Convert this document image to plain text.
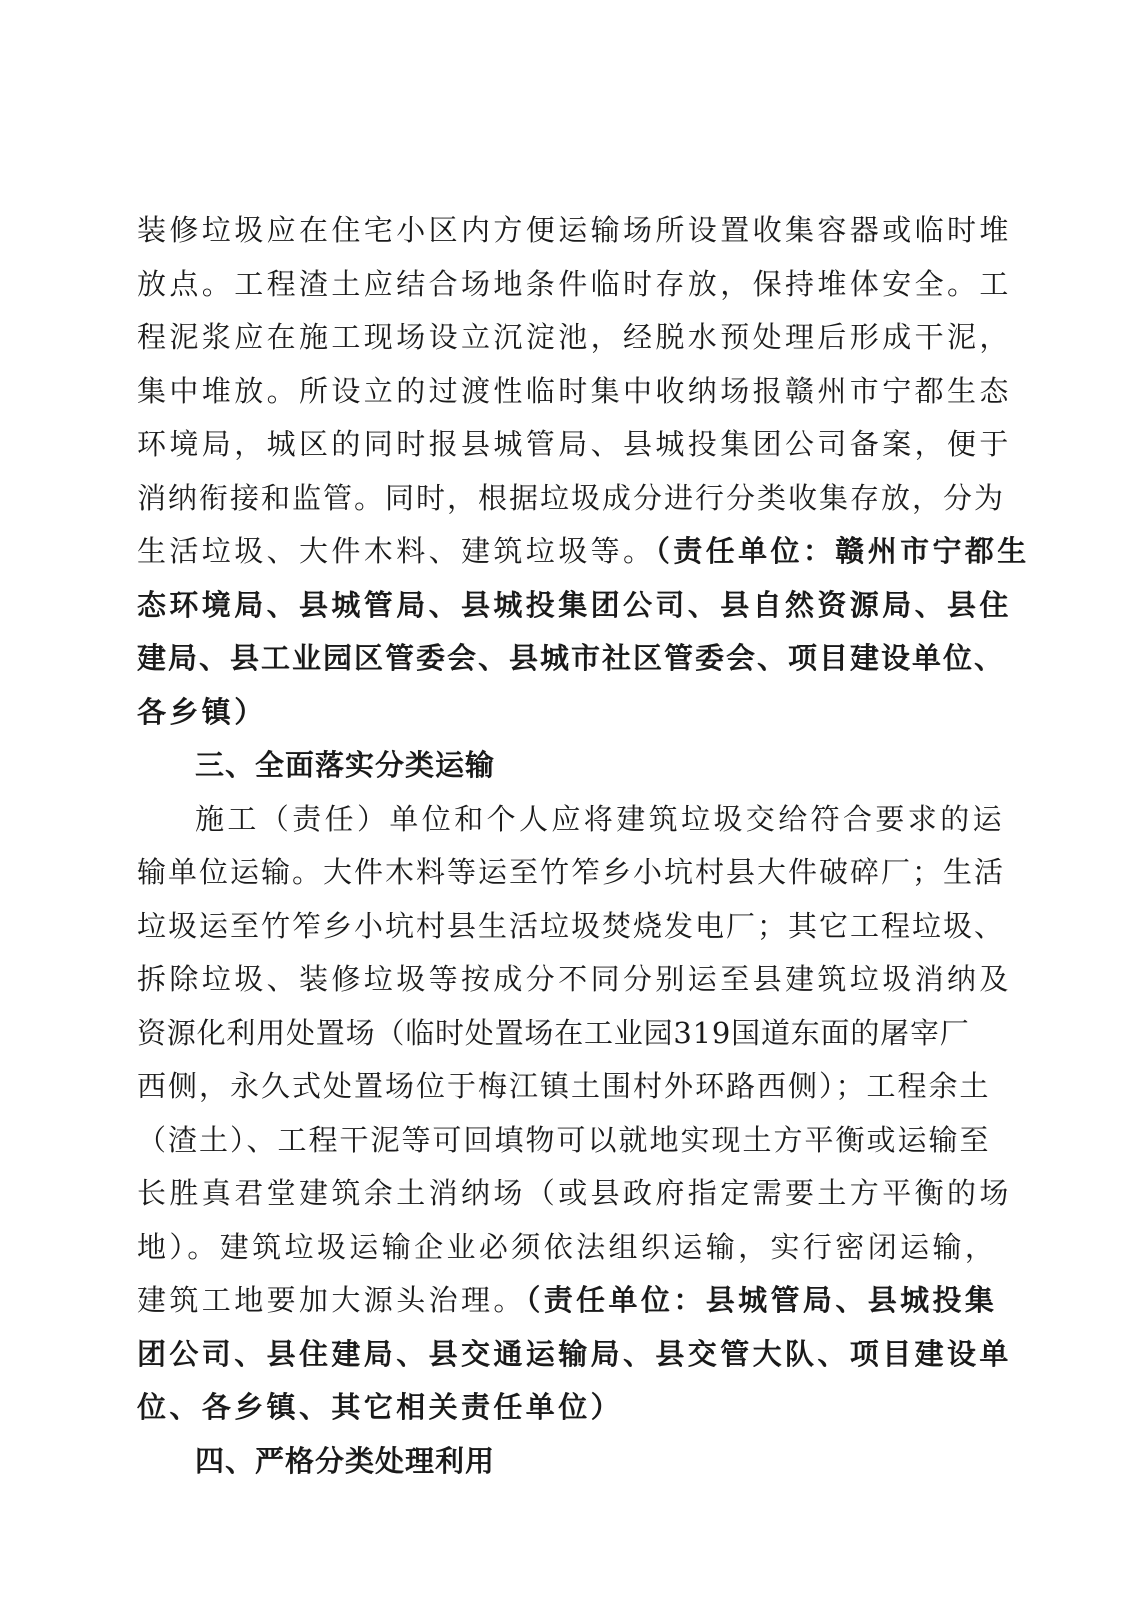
装修垃圾应在住宅小区内方便运输场所设置收集容器或临时堆
放点。工程渣土应结合场地条件临时存放，保持堆体安全。工
程泥浆应在施工现场设立沉淀池，经脱水预处理后形成干泥，
集中堆放。所设立的过渡性临时集中收纳场报赣州市宁都生态
环境局，城区的同时报县城管局、县城投集团公司备案，便于
消纳衔接和监管。同时，根据垃圾成分进行分类收集存放，分为
生活垃圾、大件木料、建筑垃圾等。（责任单位：赣州市宁都生
态环境局、县城管局、县城投集团公司、县自然资源局、县住
建局、县工业园区管委会、县城市社区管委会、项目建设单位、
各乡镇）
三、全面落实分类运输
施工（责任）单位和个人应将建筑垃圾交给符合要求的运
输单位运输。大件木料等运至竹笮乡小坑村县大件破碎厂；生活
垃圾运至竹笮乡小坑村县生活垃圾焚烧发电厂；其它工程垃圾、
拆除垃圾、装修垃圾等按成分不同分别运至县建筑垃圾消纳及
资源化利用处置场（临时处置场在工业园319国道东面的屠宰厂
西侧，永久式处置场位于梅江镇土围村外环路西侧）；工程余土
（渣土）、工程干泥等可回填物可以就地实现土方平衡或运输至
长胜真君堂建筑余土消纳场（或县政府指定需要土方平衡的场
地）。建筑垃圾运输企业必须依法组织运输，实行密闭运输，
建筑工地要加大源头治理。（责任单位：县城管局、县城投集
团公司、县住建局、县交通运输局、县交管大队、项目建设单
位、各乡镇、其它相关责任单位）
四、严格分类处理利用
